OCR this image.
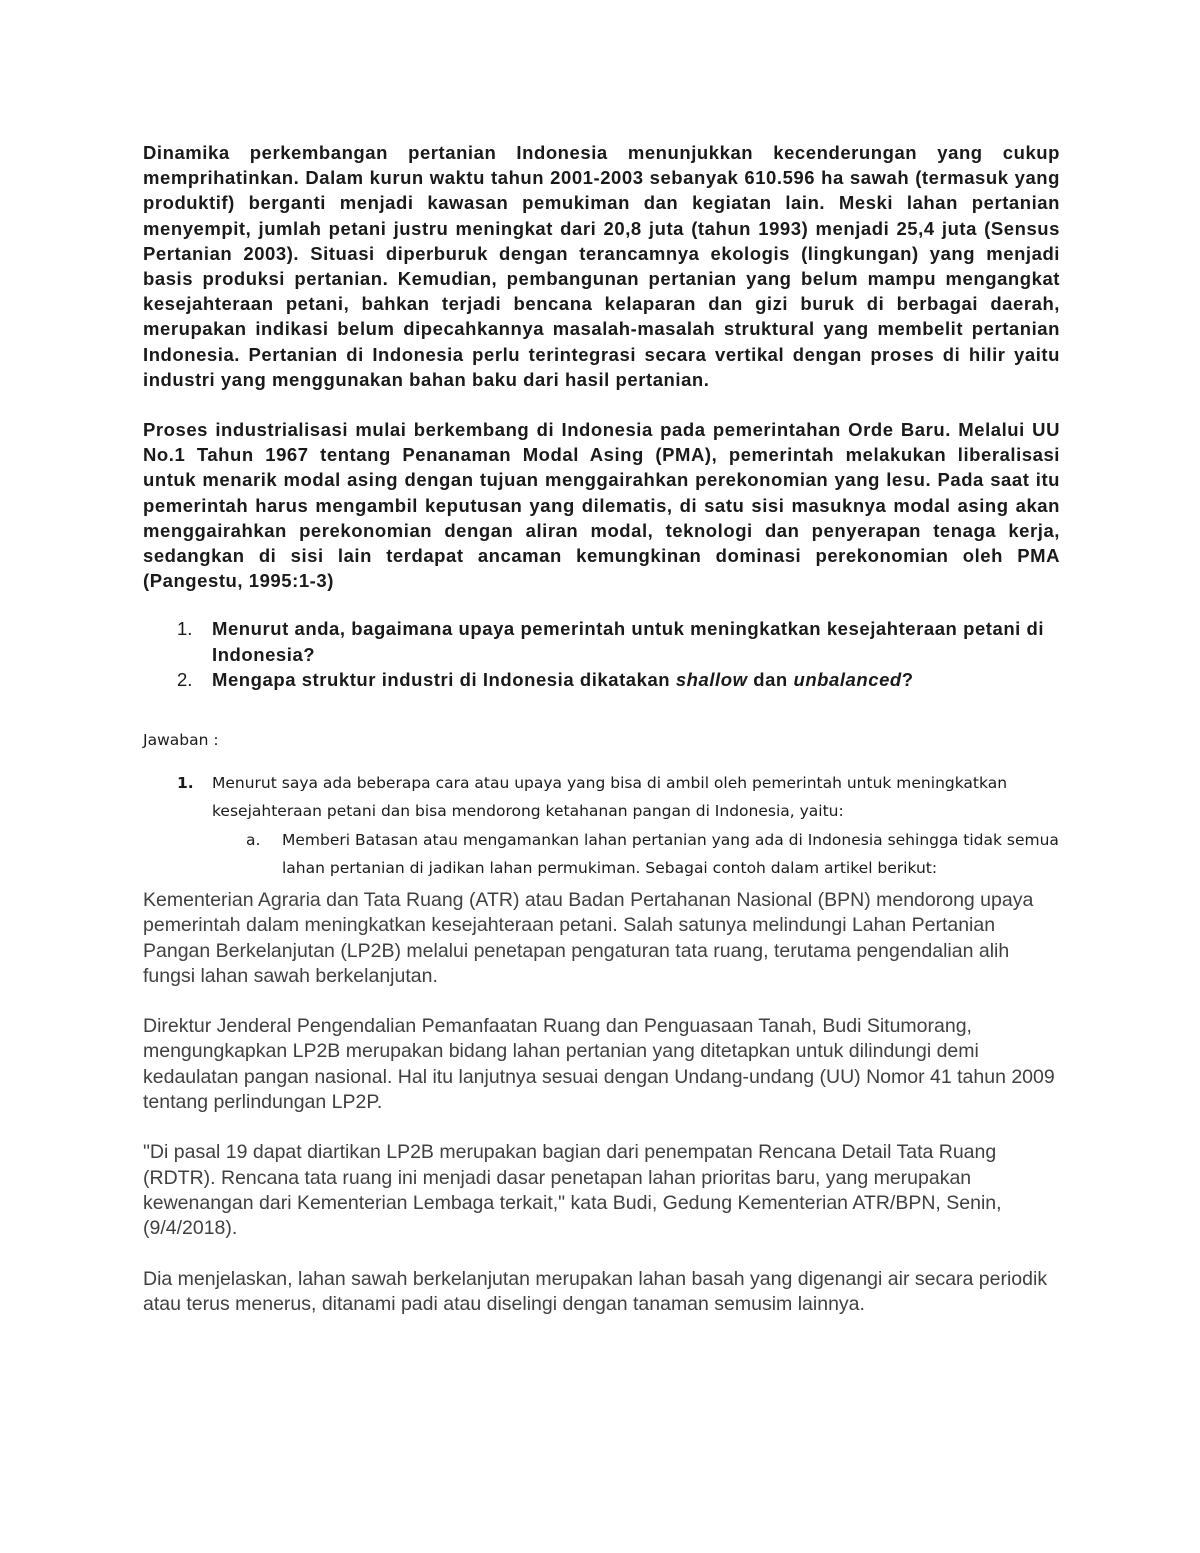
Dinamika perkembangan pertanian Indonesia menunjukkan kecenderungan yang cukup memprihatinkan. Dalam kurun waktu tahun 2001-2003 sebanyak 610.596 ha sawah (termasuk yang produktif) berganti menjadi kawasan pemukiman dan kegiatan lain. Meski lahan pertanian menyempit, jumlah petani justru meningkat dari 20,8 juta (tahun 1993) menjadi 25,4 juta (Sensus Pertanian 2003). Situasi diperburuk dengan terancamnya ekologis (lingkungan) yang menjadi basis produksi pertanian. Kemudian, pembangunan pertanian yang belum mampu mengangkat kesejahteraan petani, bahkan terjadi bencana kelaparan dan gizi buruk di berbagai daerah, merupakan indikasi belum dipecahkannya masalah-masalah struktural yang membelit pertanian Indonesia. Pertanian di Indonesia perlu terintegrasi secara vertikal dengan proses di hilir yaitu industri yang menggunakan bahan baku dari hasil pertanian.

Proses industrialisasi mulai berkembang di Indonesia pada pemerintahan Orde Baru. Melalui UU No.1 Tahun 1967 tentang Penanaman Modal Asing (PMA), pemerintah melakukan liberalisasi untuk menarik modal asing dengan tujuan menggairahkan perekonomian yang lesu. Pada saat itu pemerintah harus mengambil keputusan yang dilematis, di satu sisi masuknya modal asing akan menggairahkan perekonomian dengan aliran modal, teknologi dan penyerapan tenaga kerja, sedangkan di sisi lain terdapat ancaman kemungkinan dominasi perekonomian oleh PMA (Pangestu, 1995:1-3)

1. Menurut anda, bagaimana upaya pemerintah untuk meningkatkan kesejahteraan petani di Indonesia?
2. Mengapa struktur industri di Indonesia dikatakan shallow dan unbalanced?

Jawaban :

1. Menurut saya ada beberapa cara atau upaya yang bisa di ambil oleh pemerintah untuk meningkatkan kesejahteraan petani dan bisa mendorong ketahanan pangan di Indonesia, yaitu:
a. Memberi Batasan atau mengamankan lahan pertanian yang ada di Indonesia sehingga tidak semua lahan pertanian di jadikan lahan permukiman. Sebagai contoh dalam artikel berikut:

Kementerian Agraria dan Tata Ruang (ATR) atau Badan Pertahanan Nasional (BPN) mendorong upaya pemerintah dalam meningkatkan kesejahteraan petani. Salah satunya melindungi Lahan Pertanian Pangan Berkelanjutan (LP2B) melalui penetapan pengaturan tata ruang, terutama pengendalian alih fungsi lahan sawah berkelanjutan.

Direktur Jenderal Pengendalian Pemanfaatan Ruang dan Penguasaan Tanah, Budi Situmorang, mengungkapkan LP2B merupakan bidang lahan pertanian yang ditetapkan untuk dilindungi demi kedaulatan pangan nasional. Hal itu lanjutnya sesuai dengan Undang-undang (UU) Nomor 41 tahun 2009 tentang perlindungan LP2P.

"Di pasal 19 dapat diartikan LP2B merupakan bagian dari penempatan Rencana Detail Tata Ruang (RDTR). Rencana tata ruang ini menjadi dasar penetapan lahan prioritas baru, yang merupakan kewenangan dari Kementerian Lembaga terkait," kata Budi, Gedung Kementerian ATR/BPN, Senin, (9/4/2018).

Dia menjelaskan, lahan sawah berkelanjutan merupakan lahan basah yang digenangi air secara periodik atau terus menerus, ditanami padi atau diselingi dengan tanaman semusim lainnya.
